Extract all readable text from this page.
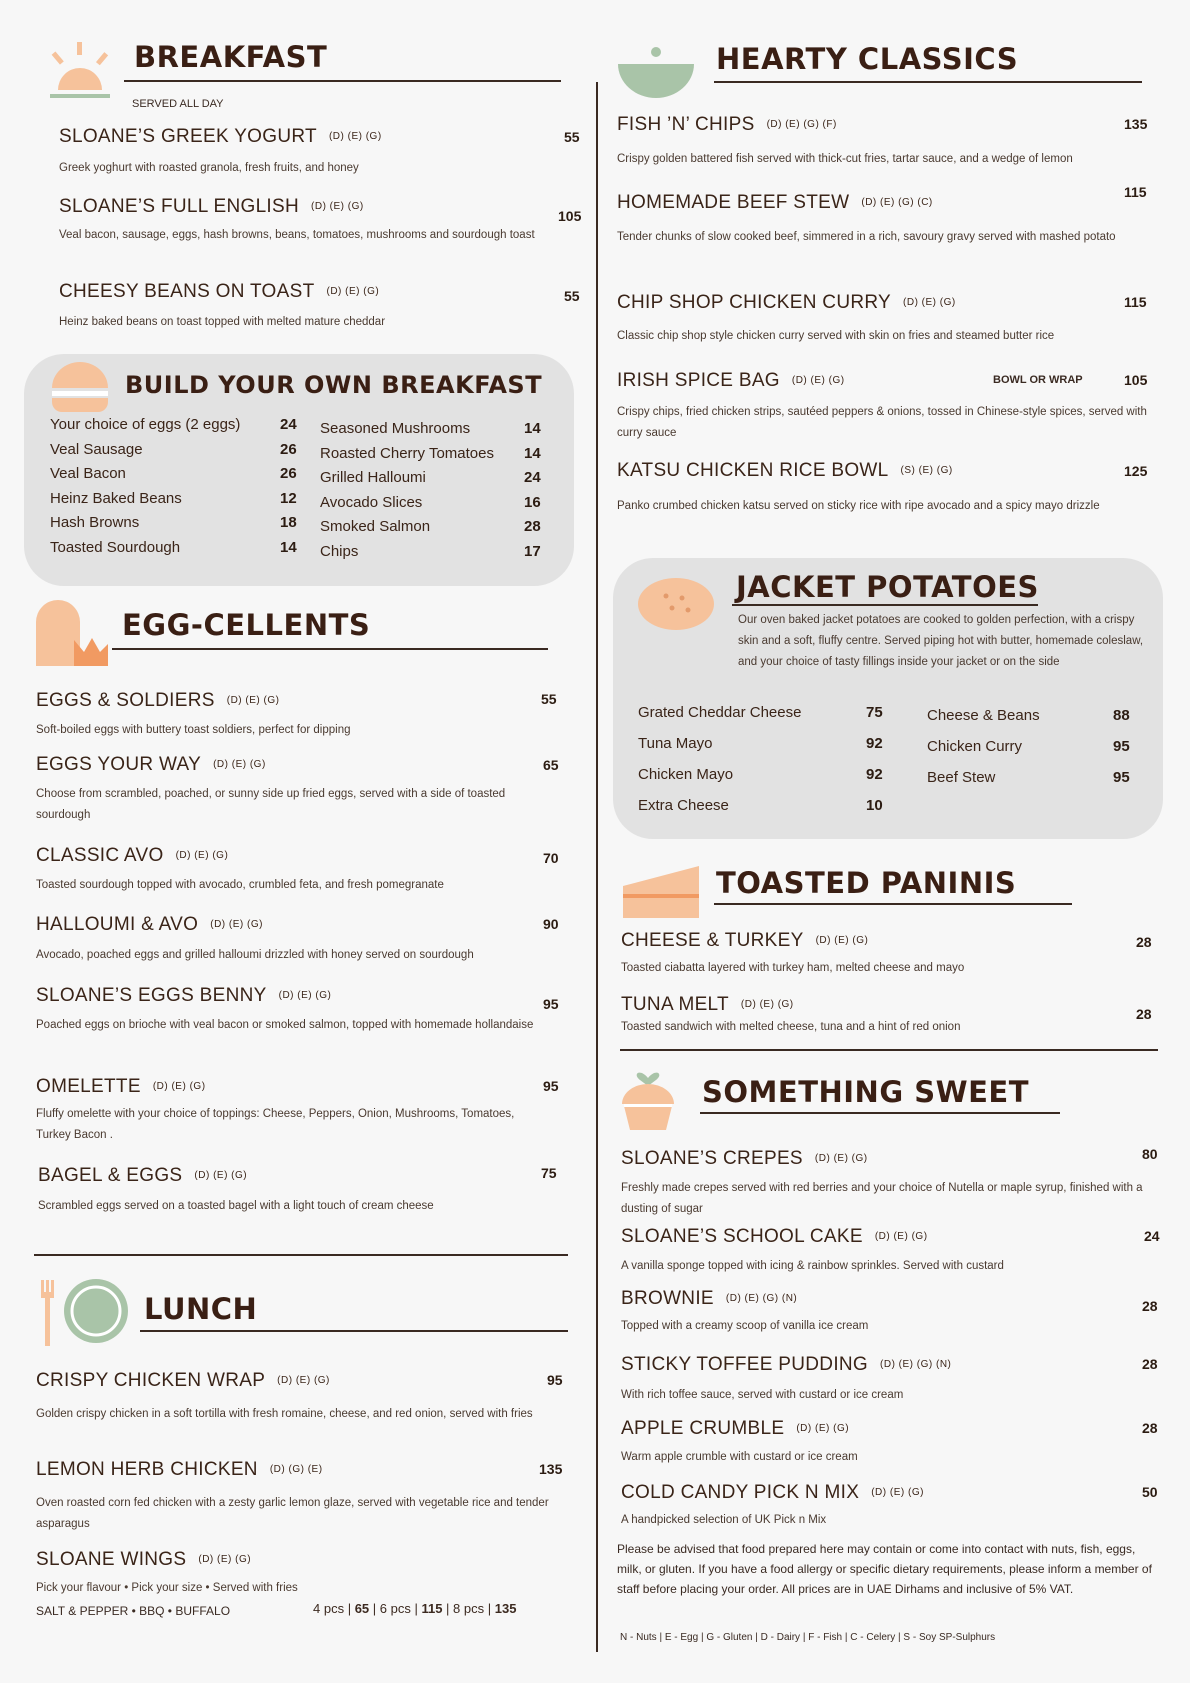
BREAKFAST
SERVED ALL DAY
SLOANE’S GREEK YOGURT (D) (E) (G)	55
Greek yoghurt with roasted granola, fresh fruits, and honey
SLOANE’S FULL ENGLISH (D) (E) (G)
105
Veal bacon, sausage, eggs, hash browns, beans, tomatoes, mushrooms and sourdough toast
CHEESY BEANS ON TOAST (D) (E) (G)	55
Heinz baked beans on toast topped with melted mature cheddar
BUILD YOUR OWN BREAKFAST
Your choice of eggs (2 eggs)	24
Veal Sausage	26
Veal Bacon	26
Heinz Baked Beans	12
Hash Browns	18
Toasted Sourdough	14
Seasoned Mushrooms	14
Roasted Cherry Tomatoes 14
Grilled Halloumi	24
Avocado Slices	16
Smoked Salmon	28
Chips	17
EGG-CELLENTS
EGGS & SOLDIERS (D) (E) (G)	55
Soft-boiled eggs with buttery toast soldiers, perfect for dipping
EGGS YOUR WAY (D) (E) (G)	65
Choose from scrambled, poached, or sunny side up fried eggs, served with a side of toasted sourdough
CLASSIC AVO (D) (E) (G)	70
Toasted sourdough topped with avocado, crumbled feta, and fresh pomegranate
HALLOUMI & AVO (D) (E) (G)	90
Avocado, poached eggs and grilled halloumi drizzled with honey served on sourdough
SLOANE’S EGGS BENNY (D) (E) (G)
95
Poached eggs on brioche with veal bacon or smoked salmon, topped with homemade hollandaise
OMELETTE (D) (E) (G)	95
Fluffy omelette with your choice of toppings: Cheese, Peppers, Onion, Mushrooms, Tomatoes, Turkey Bacon .
BAGEL & EGGS (D) (E) (G)	75
Scrambled eggs served on a toasted bagel with a light touch of cream cheese
LUNCH
CRISPY CHICKEN WRAP (D) (E) (G)	95
Golden crispy chicken in a soft tortilla with fresh romaine, cheese, and red onion, served with fries
LEMON HERB CHICKEN (D) (G) (E)	135
Oven roasted corn fed chicken with a zesty garlic lemon glaze, served with vegetable rice and tender asparagus
SLOANE WINGS (D) (E) (G)
Pick your flavour • Pick your size • Served with fries
SALT & PEPPER • BBQ • BUFFALO	4 pcs | 65 | 6 pcs | 115 | 8 pcs | 135
HEARTY CLASSICS
FISH ’N’ CHIPS (D) (E) (G) (F)	135
Crispy golden battered fish served with thick-cut fries, tartar sauce, and a wedge of lemon
HOMEMADE BEEF STEW (D) (E) (G) (C)
115
Tender chunks of slow cooked beef, simmered in a rich, savoury gravy served with mashed potato
CHIP SHOP CHICKEN CURRY (D) (E) (G)	115
Classic chip shop style chicken curry served with skin on fries and steamed butter rice
IRISH SPICE BAG (D) (E) (G)	105
Crispy chips, fried chicken strips, sautéed peppers & onions, tossed in Chinese-style spices, served with curry sauce
KATSU CHICKEN RICE BOWL (S) (E) (G)	125
Panko crumbed chicken katsu served on sticky rice with ripe avocado and a spicy mayo drizzle
BOWL OR WRAP
JACKET POTATOES
Our oven baked jacket potatoes are cooked to golden perfection, with a crispy skin and a soft, fluffy centre. Served piping hot with butter, homemade coleslaw, and your choice of tasty fillings inside your jacket or on the side
Grated Cheddar Cheese	75
Tuna Mayo	92
Chicken Mayo	92
Extra Cheese	10
Cheese & Beans	88
Chicken Curry	95
Beef Stew	95
TOASTED PANINIS
CHEESE & TURKEY (D) (E) (G)	28
Toasted ciabatta layered with turkey ham, melted cheese and mayo
TUNA MELT (D) (E) (G)
28
Toasted sandwich with melted cheese, tuna and a hint of red onion
SOMETHING SWEET
SLOANE’S CREPES (D) (E) (G)	80
Freshly made crepes served with red berries and your choice of Nutella or maple syrup, finished with a dusting of sugar
SLOANE’S SCHOOL CAKE (D) (E) (G)	24
A vanilla sponge topped with icing & rainbow sprinkles. Served with custard
BROWNIE (D) (E) (G) (N)	28
Topped with a creamy scoop of vanilla ice cream
STICKY TOFFEE PUDDING (D) (E) (G) (N)	28
With rich toffee sauce, served with custard or ice cream
APPLE CRUMBLE (D) (E) (G)	28
Warm apple crumble with custard or ice cream
COLD CANDY PICK N MIX (D) (E) (G)	50
A handpicked selection of UK Pick n Mix
Please be advised that food prepared here may contain or come into contact with nuts, fish, eggs, milk, or gluten. If you have a food allergy or specific dietary requirements, please inform a member of staff before placing your order. All prices are in UAE Dirhams and inclusive of 5% VAT.
N - Nuts | E - Egg | G - Gluten | D - Dairy | F - Fish | C - Celery | S - Soy SP-Sulphurs
